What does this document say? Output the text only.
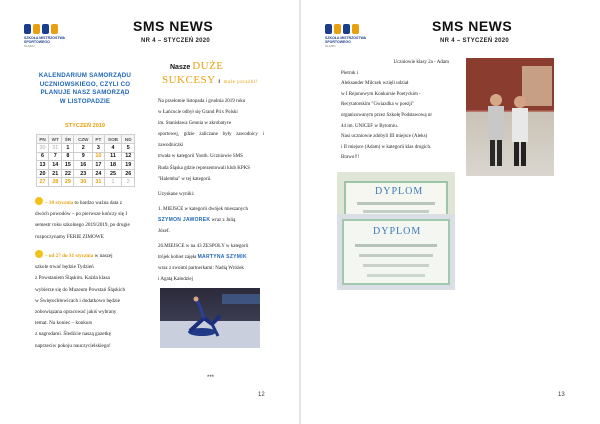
SZKOŁA MISTRZOSTWA SPORTOWEGO
ŚLĄSKI
SMS NEWS
NR 4 – STYCZEŃ 2020
KALENDARIUM SAMORZĄDU
UCZNIOWSKIEGO, CZYLI CO
PLANUJE NASZ SAMORZĄD
W LISTOPADZIE
STYCZEŃ 2019
PN	WT	ŚR	CZW	PT	SOB	ND
30	31	1	2	3	4	5
6	7	8	9	10	11	12
13	14	15	16	17	18	19
20	21	22	23	24	25	26
27	28	29	30	31	1	2
– 10 stycznia to bardzo ważna data z
dwóch powodów – po pierwsze kończy się I
semestr roku szkolnego 2019/2019, po drugie
rozpoczynamy FERIE ZIMOWE
– od 27 do 31 stycznia w naszej
szkole trwać będzie Tydzień
z Powstaniem Śląskim. Każda klasa
wybierze się do Muzeum Powstań Śląskich
w Świętochłowicach i dodatkowo będzie
zobowiązana opracować jakiś wybrany
temat. Na koniec – konkurs
z nagrodami. Śledźcie naszą gazetkę
naprzeciw pokoju nauczycielskiego!
Nasze DUŻE
SUKCESY i małe porażki!
Na przełomie listopada i grudnia 2019 roku
w Łańcucie odbył się Grand Prix Polski
im. Stanisława Gennia w akrobatyce
sportowej, gdzie zaliczane były zawodnicy i zawodniczki
trwała w kategorii Youth. Uczniowie SMS
Ruda Śląska gdzie reprezentowali klub KPKS
"Halemba" w tej kategorii.
Uzyskane wyniki:
1. MIEJSCE w kategorii dwójek mieszanych
SZYMON JAWOREK wraz z Julią
Józef.
26.MIEJSCE w na 43 ZESPOŁY w kategorii
trójek kobiet zajęła MARTYNA SZYMIK
wraz z swoimi partnerkami: Nadią Wróżek
i Agatą Kałodziej
***
12
SZKOŁA MISTRZOSTWA SPORTOWEGO
ŚLĄSKI
SMS NEWS
NR 4 – STYCZEŃ 2020
Uczniowie klasy 2a - Adam
Pietruk i
Aleksander Milczek wzięli udział
w I Rejonowym Konkursie Poetyckim -
Recytatorskim "Gwiazdka w poezji"
organizowanym przez Szkołę Podstawową nr
44 im. UNICEF w Bytomiu.
Nasi uczniowie zdobyli III miejsce (Aleks)
i II miejsce (Adam) w kategorii klas drugich.
Brawo!!!
DYPLOM
DYPLOM
13
